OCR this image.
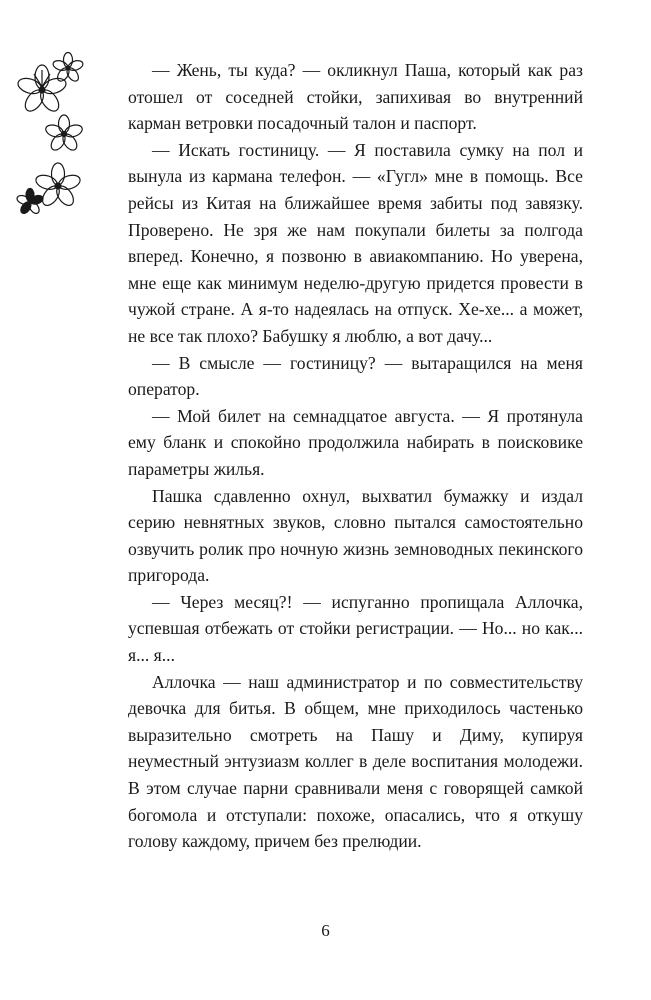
— Жень, ты куда? — окликнул Паша, который как раз отошел от соседней стойки, запихивая во внутренний карман ветровки посадочный талон и паспорт.

— Искать гостиницу. — Я поставила сумку на пол и вынула из кармана телефон. — «Гугл» мне в помощь. Все рейсы из Китая на ближайшее время забиты под завязку. Проверено. Не зря же нам покупали билеты за полгода вперед. Конечно, я позвоню в авиакомпанию. Но уверена, мне еще как минимум неделю-другую придется провести в чужой стране. А я-то надеялась на отпуск. Хе-хе... а может, не все так плохо? Бабушку я люблю, а вот дачу...

— В смысле — гостиницу? — вытаращился на меня оператор.

— Мой билет на семнадцатое августа. — Я протянула ему бланк и спокойно продолжила набирать в поисковике параметры жилья.

Пашка сдавленно охнул, выхватил бумажку и издал серию невнятных звуков, словно пытался самостоятельно озвучить ролик про ночную жизнь земноводных пекинского пригорода.

— Через месяц?! — испуганно пропищала Аллочка, успевшая отбежать от стойки регистрации. — Но... но как... я... я...

Аллочка — наш администратор и по совместительству девочка для битья. В общем, мне приходилось частенько выразительно смотреть на Пашу и Диму, купируя неуместный энтузиазм коллег в деле воспитания молодежи. В этом случае парни сравнивали меня с говорящей самкой богомола и отступали: похоже, опасались, что я откушу голову каждому, причем без прелюдии.

6
